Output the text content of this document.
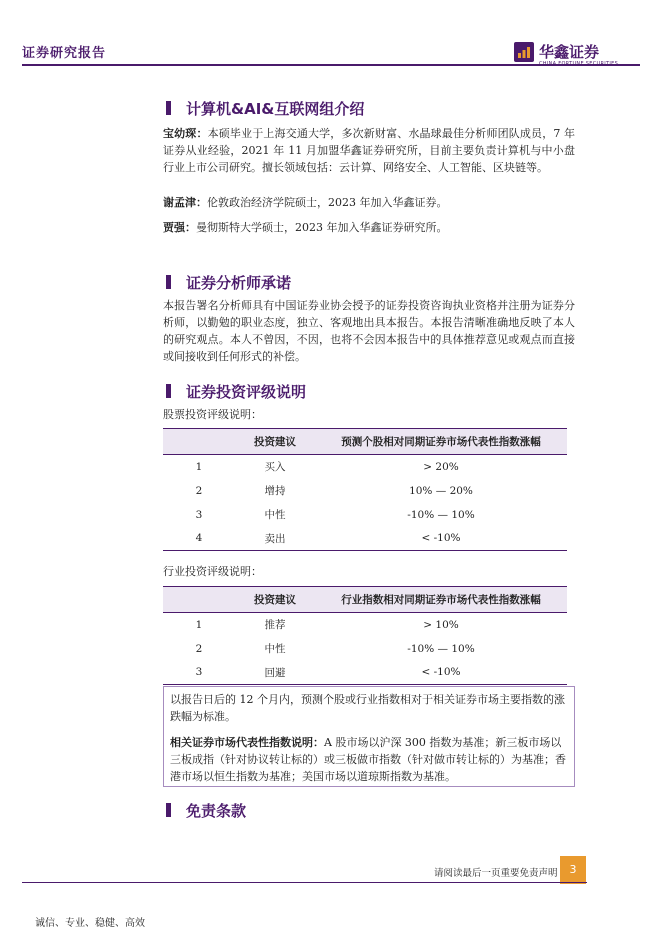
证券研究报告	华鑫证券
计算机&AI&互联网组介绍
宝幼琛：本硕毕业于上海交通大学，多次新财富、水晶球最佳分析师团队成员，7 年证券从业经验，2021 年 11 月加盟华鑫证券研究所，目前主要负责计算机与中小盘行业上市公司研究。擅长领域包括：云计算、网络安全、人工智能、区块链等。
谢孟津：伦敦政治经济学院硕士，2023 年加入华鑫证券。
贾强：曼彻斯特大学硕士，2023 年加入华鑫证券研究所。
证券分析师承诺
本报告署名分析师具有中国证券业协会授予的证券投资咨询执业资格并注册为证券分析师，以勤勉的职业态度，独立、客观地出具本报告。本报告清晰准确地反映了本人的研究观点。本人不曾因，不因，也将不会因本报告中的具体推荐意见或观点而直接或间接收到任何形式的补偿。
证券投资评级说明
股票投资评级说明：
	投资建议	预测个股相对同期证券市场代表性指数涨幅
1	买入	> 20%
2	增持	10% — 20%
3	中性	-10% — 10%
4	卖出	< -10%
行业投资评级说明：
	投资建议	行业指数相对同期证券市场代表性指数涨幅
1	推荐	> 10%
2	中性	-10% — 10%
3	回避	< -10%
以报告日后的 12 个月内，预测个股或行业指数相对于相关证券市场主要指数的涨跌幅为标准。
相关证券市场代表性指数说明：A 股市场以沪深 300 指数为基准；新三板市场以三板成指（针对协议转让标的）或三板做市指数（针对做市转让标的）为基准；香港市场以恒生指数为基准；美国市场以道琼斯指数为基准。
免责条款
请阅读最后一页重要免责声明	3
诚信、专业、稳健、高效
